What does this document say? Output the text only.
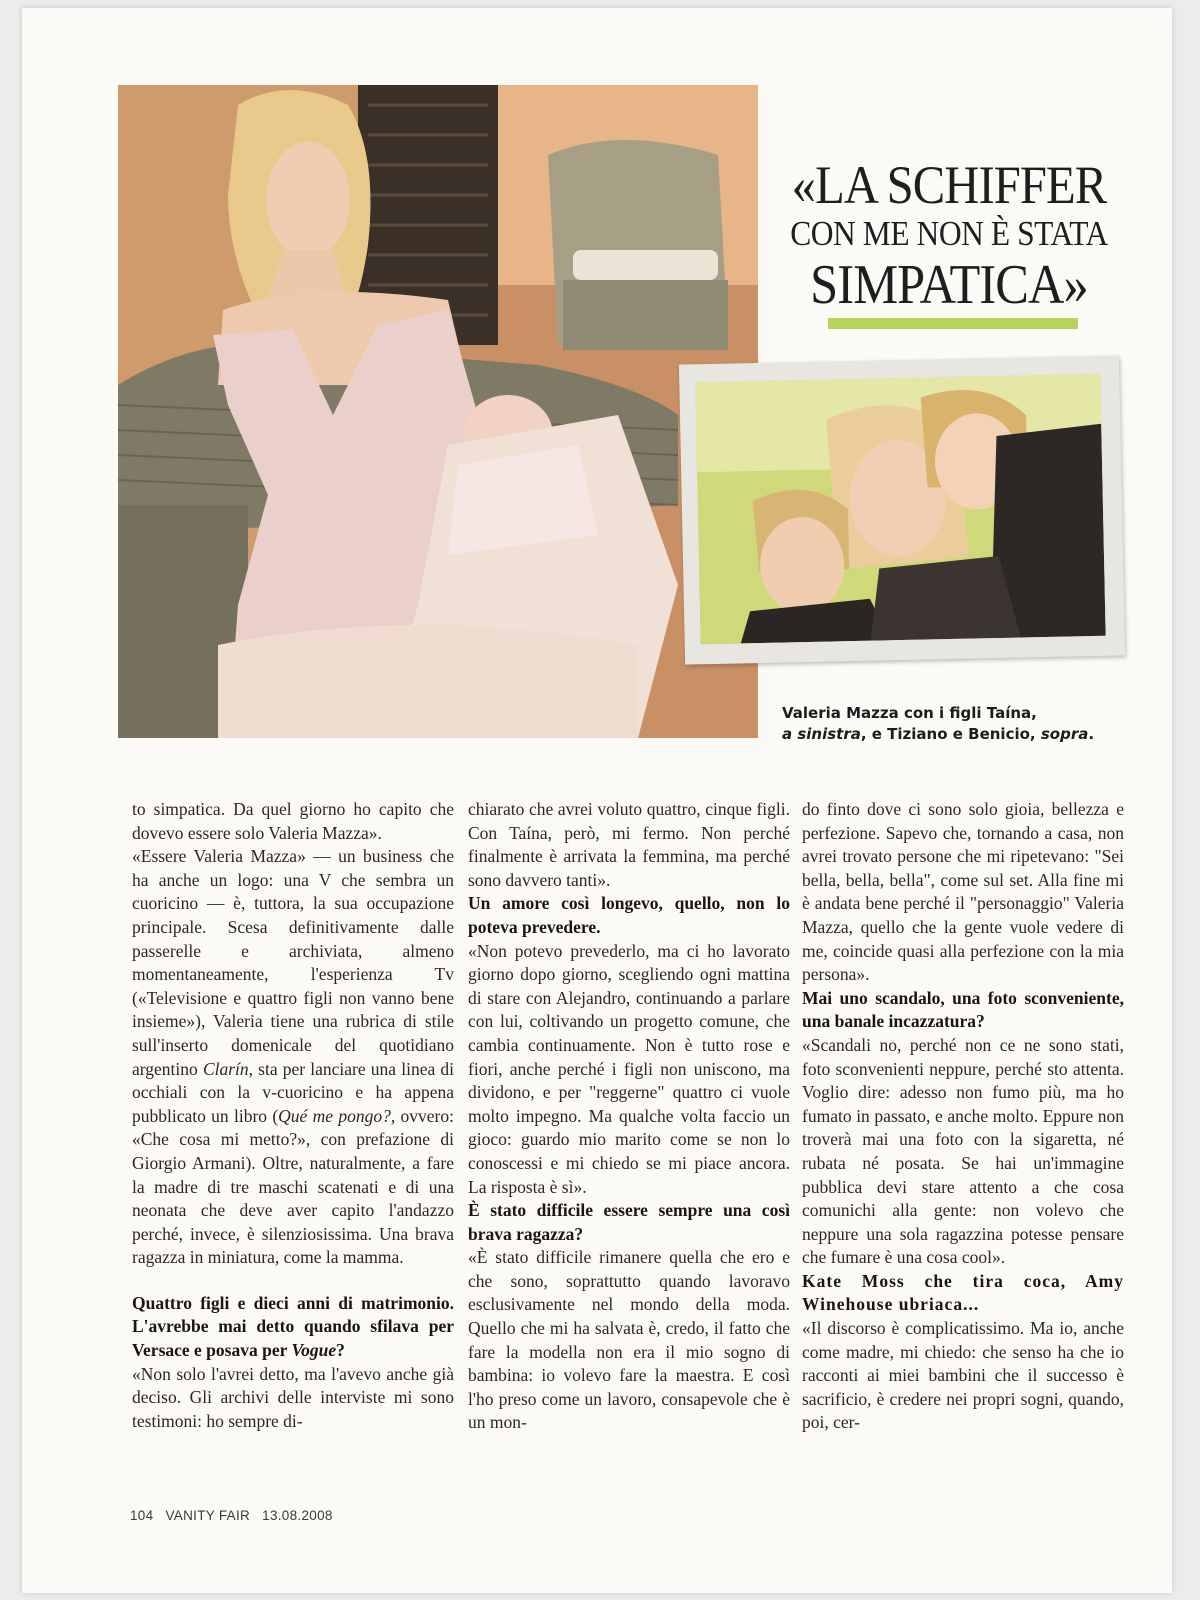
«LA SCHIFFER
CON ME NON È STATA
SIMPATICA»
Valeria Mazza con i figli Taína,
a sinistra, e Tiziano e Benicio, sopra.

to simpatica. Da quel giorno ho capito che dovevo essere solo Valeria Mazza».

«Essere Valeria Mazza» — un business che ha anche un logo: una V che sembra un cuoricino — è, tuttora, la sua occupazione principale. Scesa definitivamente dalle passerelle e archiviata, almeno momentaneamente, l'esperienza Tv («Televisione e quattro figli non vanno bene insieme»), Valeria tiene una rubrica di stile sull'inserto domenicale del quotidiano argentino Clarín, sta per lanciare una linea di occhiali con la v-cuoricino e ha appena pubblicato un libro (Qué me pongo?, ovvero: «Che cosa mi metto?», con prefazione di Giorgio Armani). Oltre, naturalmente, a fare la madre di tre maschi scatenati e di una neonata che deve aver capito l'andazzo perché, invece, è silenziosissima. Una brava ragazza in miniatura, come la mamma.

Quattro figli e dieci anni di matrimonio. L'avrebbe mai detto quando sfilava per Versace e posava per Vogue?

«Non solo l'avrei detto, ma l'avevo anche già deciso. Gli archivi delle interviste mi sono testimoni: ho sempre di-

chiarato che avrei voluto quattro, cinque figli. Con Taína, però, mi fermo. Non perché finalmente è arrivata la femmina, ma perché sono davvero tanti».

Un amore così longevo, quello, non lo poteva prevedere.

«Non potevo prevederlo, ma ci ho lavorato giorno dopo giorno, scegliendo ogni mattina di stare con Alejandro, continuando a parlare con lui, coltivando un progetto comune, che cambia continuamente. Non è tutto rose e fiori, anche perché i figli non uniscono, ma dividono, e per "reggerne" quattro ci vuole molto impegno. Ma qualche volta faccio un gioco: guardo mio marito come se non lo conoscessi e mi chiedo se mi piace ancora. La risposta è sì».

È stato difficile essere sempre una così brava ragazza?

«È stato difficile rimanere quella che ero e che sono, soprattutto quando lavoravo esclusivamente nel mondo della moda. Quello che mi ha salvata è, credo, il fatto che fare la modella non era il mio sogno di bambina: io volevo fare la maestra. E così l'ho preso come un lavoro, consapevole che è un mon-

do finto dove ci sono solo gioia, bellezza e perfezione. Sapevo che, tornando a casa, non avrei trovato persone che mi ripetevano: "Sei bella, bella, bella", come sul set. Alla fine mi è andata bene perché il "personaggio" Valeria Mazza, quello che la gente vuole vedere di me, coincide quasi alla perfezione con la mia persona».

Mai uno scandalo, una foto sconveniente, una banale incazzatura?

«Scandali no, perché non ce ne sono stati, foto sconvenienti neppure, perché sto attenta. Voglio dire: adesso non fumo più, ma ho fumato in passato, e anche molto. Eppure non troverà mai una foto con la sigaretta, né rubata né posata. Se hai un'immagine pubblica devi stare attento a che cosa comunichi alla gente: non volevo che neppure una sola ragazzina potesse pensare che fumare è una cosa cool».

Kate Moss che tira coca, Amy Winehouse ubriaca...

«Il discorso è complicatissimo. Ma io, anche come madre, mi chiedo: che senso ha che io racconti ai miei bambini che il successo è sacrificio, è credere nei propri sogni, quando, poi, cer-

104 VANITY FAIR 13.08.2008
